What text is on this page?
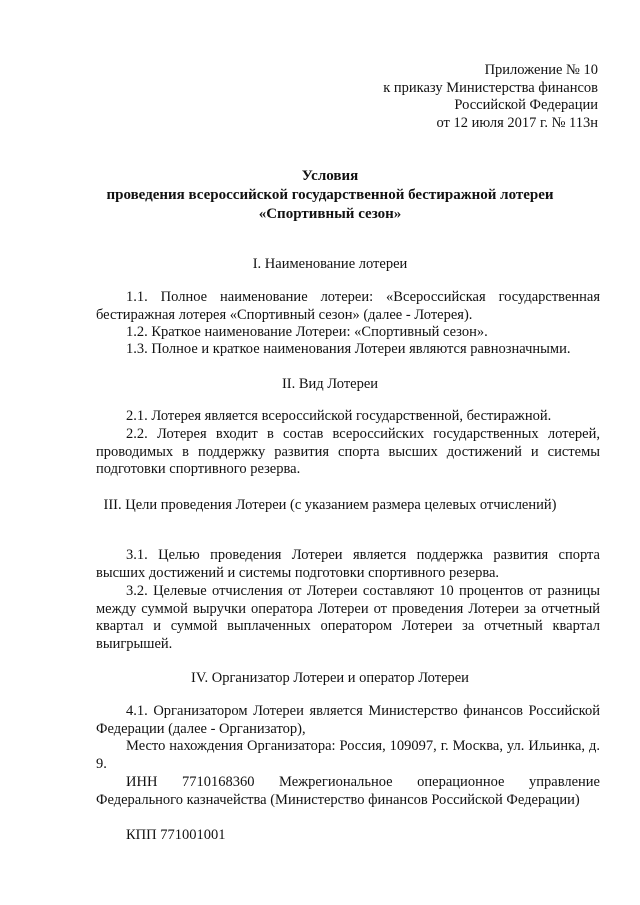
Приложение № 10
к приказу Министерства финансов
Российской Федерации
от 12 июля 2017 г. № 113н
Условия
проведения всероссийской государственной бестиражной лотереи
«Спортивный сезон»
I. Наименование лотереи

1.1. Полное наименование лотереи: «Всероссийская государственная бестиражная лотерея «Спортивный сезон» (далее - Лотерея).

1.2. Краткое наименование Лотереи: «Спортивный сезон».

1.3. Полное и краткое наименования Лотереи являются равнозначными.

II. Вид Лотереи

2.1. Лотерея является всероссийской государственной, бестиражной.

2.2. Лотерея входит в состав всероссийских государственных лотерей, проводимых в поддержку развития спорта высших достижений и системы подготовки спортивного резерва.

III. Цели проведения Лотереи (с указанием размера целевых отчислений)

3.1. Целью проведения Лотереи является поддержка развития спорта высших достижений и системы подготовки спортивного резерва.

3.2. Целевые отчисления от Лотереи составляют 10 процентов от разницы между суммой выручки оператора Лотереи от проведения Лотереи за отчетный квартал и суммой выплаченных оператором Лотереи за отчетный квартал выигрышей.

IV. Организатор Лотереи и оператор Лотереи

4.1. Организатором Лотереи является Министерство финансов Российской Федерации (далее - Организатор),

Место нахождения Организатора: Россия, 109097, г. Москва, ул. Ильинка, д. 9.

ИНН 7710168360 Межрегиональное операционное управление Федерального казначейства (Министерство финансов Российской Федерации)

КПП 771001001
